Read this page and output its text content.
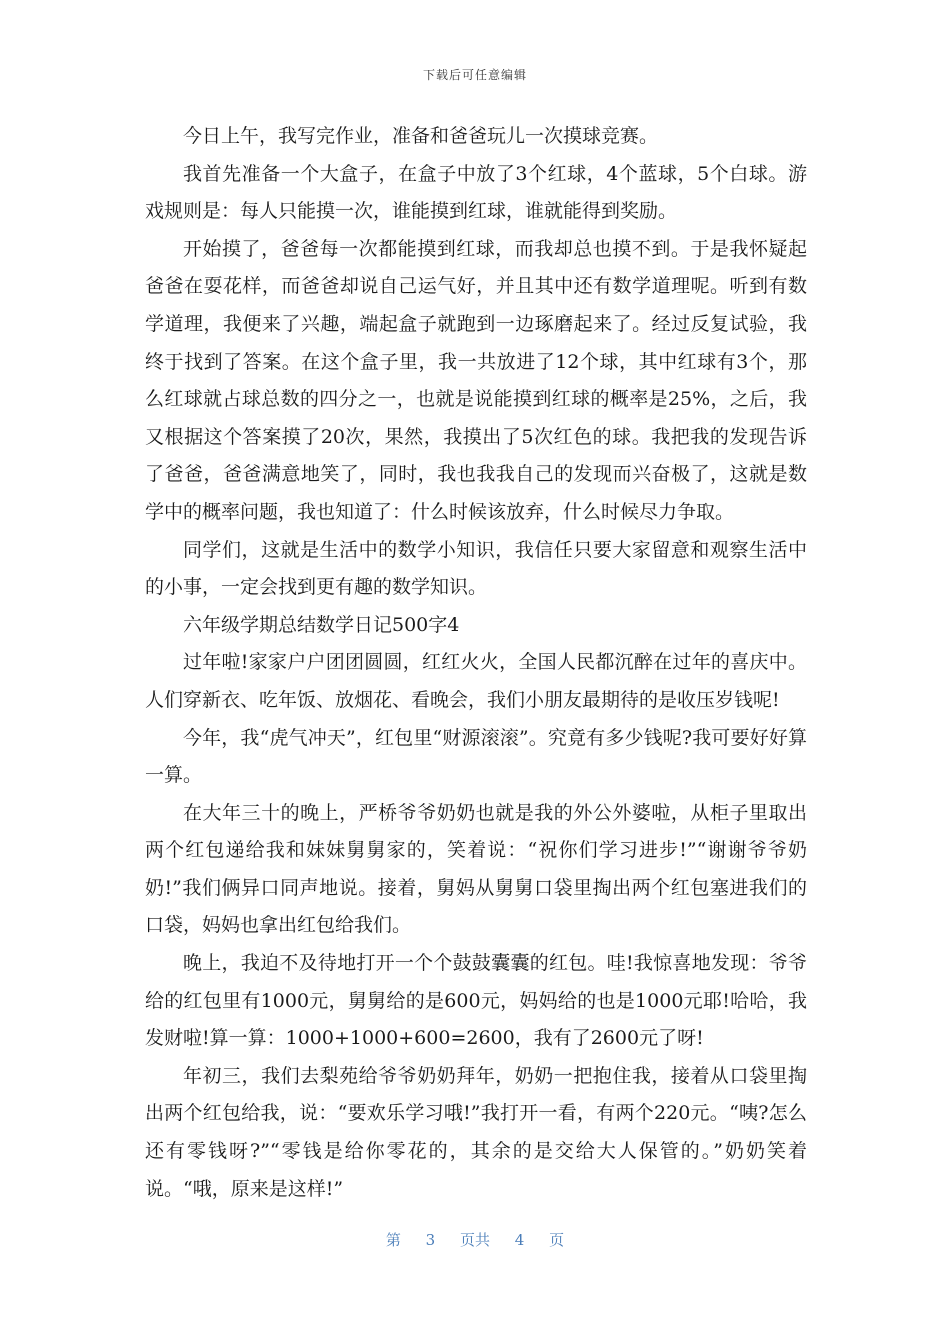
下载后可任意编辑

今日上午，我写完作业，准备和爸爸玩儿一次摸球竞赛。

我首先准备一个大盒子，在盒子中放了3个红球，4个蓝球，5个白球。游戏规则是：每人只能摸一次，谁能摸到红球，谁就能得到奖励。

开始摸了，爸爸每一次都能摸到红球，而我却总也摸不到。于是我怀疑起爸爸在耍花样，而爸爸却说自己运气好，并且其中还有数学道理呢。听到有数学道理，我便来了兴趣，端起盒子就跑到一边琢磨起来了。经过反复试验，我终于找到了答案。在这个盒子里，我一共放进了12个球，其中红球有3个，那么红球就占球总数的四分之一，也就是说能摸到红球的概率是25%，之后，我又根据这个答案摸了20次，果然，我摸出了5次红色的球。我把我的发现告诉了爸爸，爸爸满意地笑了，同时，我也我我自己的发现而兴奋极了，这就是数学中的概率问题，我也知道了：什么时候该放弃，什么时候尽力争取。

同学们，这就是生活中的数学小知识，我信任只要大家留意和观察生活中的小事，一定会找到更有趣的数学知识。

六年级学期总结数学日记500字4

过年啦!家家户户团团圆圆，红红火火，全国人民都沉醉在过年的喜庆中。人们穿新衣、吃年饭、放烟花、看晚会，我们小朋友最期待的是收压岁钱呢!

今年，我“虎气冲天”，红包里“财源滚滚”。究竟有多少钱呢?我可要好好算一算。

在大年三十的晚上，严桥爷爷奶奶也就是我的外公外婆啦，从柜子里取出两个红包递给我和妹妹舅舅家的，笑着说：“祝你们学习进步!”“谢谢爷爷奶奶!”我们俩异口同声地说。接着，舅妈从舅舅口袋里掏出两个红包塞进我们的口袋，妈妈也拿出红包给我们。

晚上，我迫不及待地打开一个个鼓鼓囊囊的红包。哇!我惊喜地发现：爷爷给的红包里有1000元，舅舅给的是600元，妈妈给的也是1000元耶!哈哈，我发财啦!算一算：1000+1000+600=2600，我有了2600元了呀!

年初三，我们去梨苑给爷爷奶奶拜年，奶奶一把抱住我，接着从口袋里掏出两个红包给我，说：“要欢乐学习哦!”我打开一看，有两个220元。“咦?怎么还有零钱呀?”“零钱是给你零花的，其余的是交给大人保管的。”奶奶笑着说。“哦，原来是这样!”

第 3 页共 4 页
